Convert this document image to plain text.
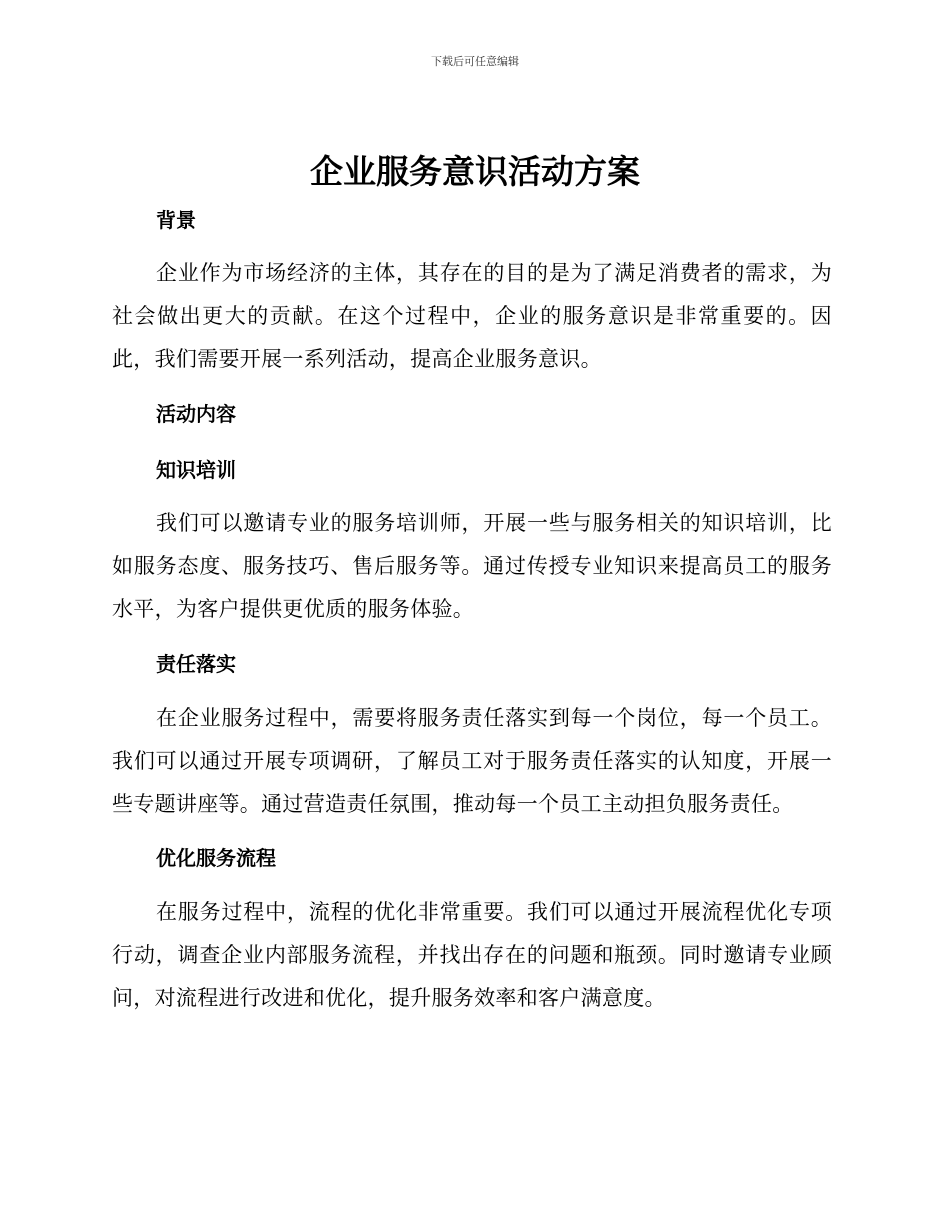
下载后可任意编辑
企业服务意识活动方案
背景

企业作为市场经济的主体，其存在的目的是为了满足消费者的需求，为社会做出更大的贡献。在这个过程中，企业的服务意识是非常重要的。因此，我们需要开展一系列活动，提高企业服务意识。

活动内容
知识培训

我们可以邀请专业的服务培训师，开展一些与服务相关的知识培训，比如服务态度、服务技巧、售后服务等。通过传授专业知识来提高员工的服务水平，为客户提供更优质的服务体验。

责任落实

在企业服务过程中，需要将服务责任落实到每一个岗位，每一个员工。我们可以通过开展专项调研，了解员工对于服务责任落实的认知度，开展一些专题讲座等。通过营造责任氛围，推动每一个员工主动担负服务责任。

优化服务流程

在服务过程中，流程的优化非常重要。我们可以通过开展流程优化专项行动，调查企业内部服务流程，并找出存在的问题和瓶颈。同时邀请专业顾问，对流程进行改进和优化，提升服务效率和客户满意度。
